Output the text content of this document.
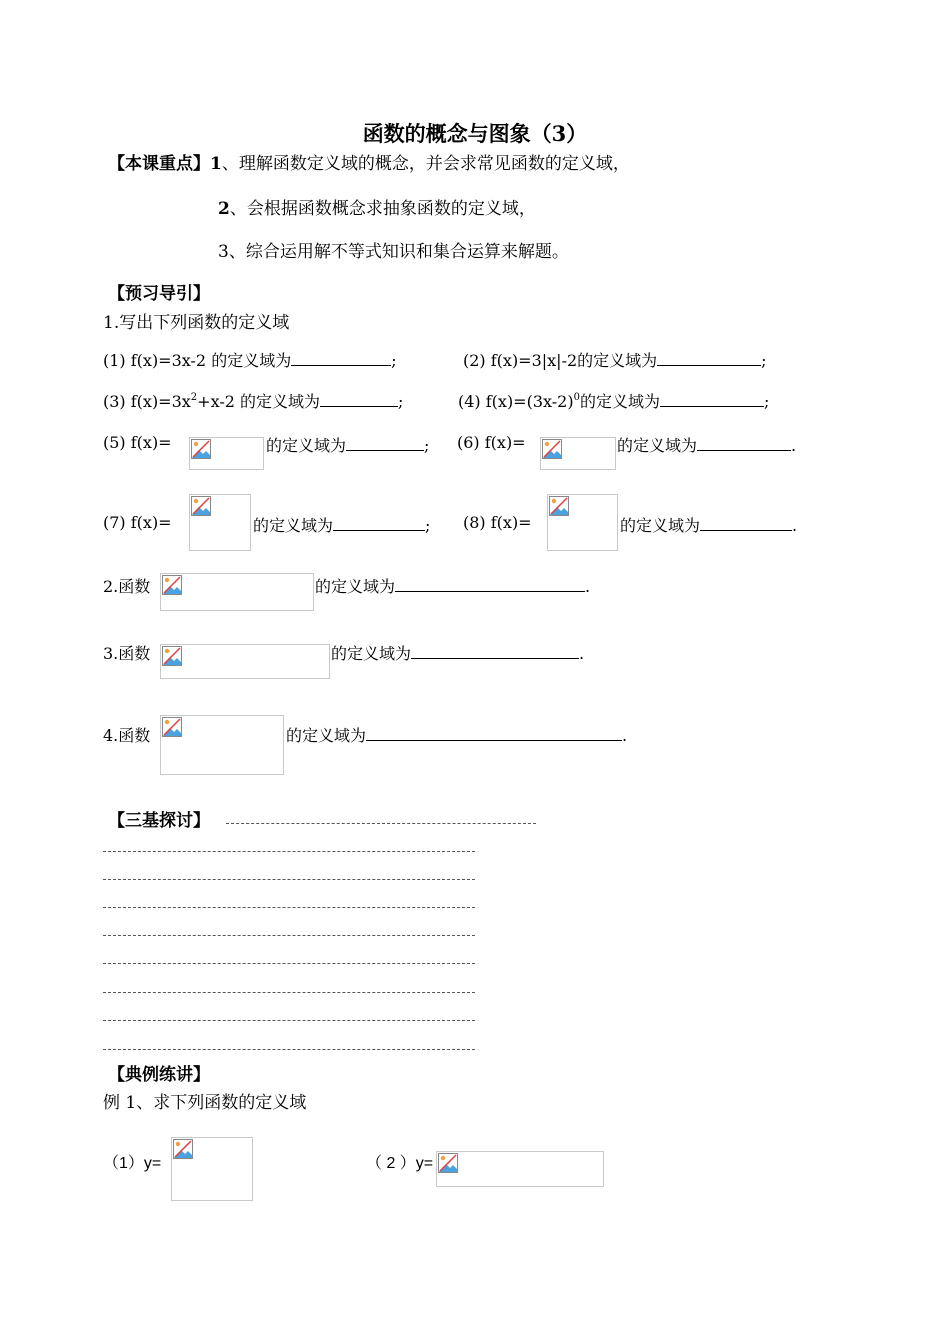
函数的概念与图象（3）
【本课重点】1、理解函数定义域的概念，并会求常见函数的定义域，
2、会根据函数概念求抽象函数的定义域，
3、综合运用解不等式知识和集合运算来解题。
【预习导引】
1.写出下列函数的定义域
(1) f(x)=3x-2 的定义域为	;	(2) f(x)=3|x|-2的定义域为	;
(3) $f(x)=3x^2+x-2$ 的定义域为	;	(4) $f(x)=(3x-2)^0$的定义域为	;
(5) f(x)=	的定义域为	; (6) f(x)=	的定义域为	.
(7) f(x)=	的定义域为	; (8) f(x)=	的定义域为	.
2.函数	的定义域为	.
3.函数	的定义域为	.
4.函数	的定义域为	.
【三基探讨】
【典例练讲】
例 1、求下列函数的定义域
（1）y=	（ 2 ）y=
